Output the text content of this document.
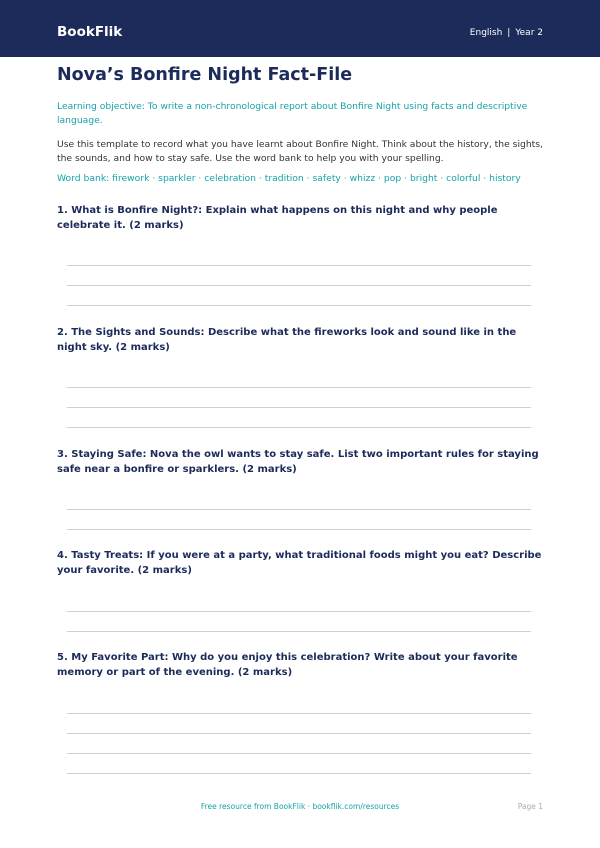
BookFlik	English | Year 2
Nova’s Bonfire Night Fact-File

Learning objective: To write a non-chronological report about Bonfire Night using facts and descriptive language.

Use this template to record what you have learnt about Bonfire Night. Think about the history, the sights, the sounds, and how to stay safe. Use the word bank to help you with your spelling.

Word bank: firework · sparkler · celebration · tradition · safety · whizz · pop · bright · colorful · history

1. What is Bonfire Night?: Explain what happens on this night and why people celebrate it. (2 marks)

2. The Sights and Sounds: Describe what the fireworks look and sound like in the night sky. (2 marks)

3. Staying Safe: Nova the owl wants to stay safe. List two important rules for staying safe near a bonfire or sparklers. (2 marks)

4. Tasty Treats: If you were at a party, what traditional foods might you eat? Describe your favorite. (2 marks)

5. My Favorite Part: Why do you enjoy this celebration? Write about your favorite memory or part of the evening. (2 marks)

Free resource from BookFlik · bookflik.com/resources	Page 1
